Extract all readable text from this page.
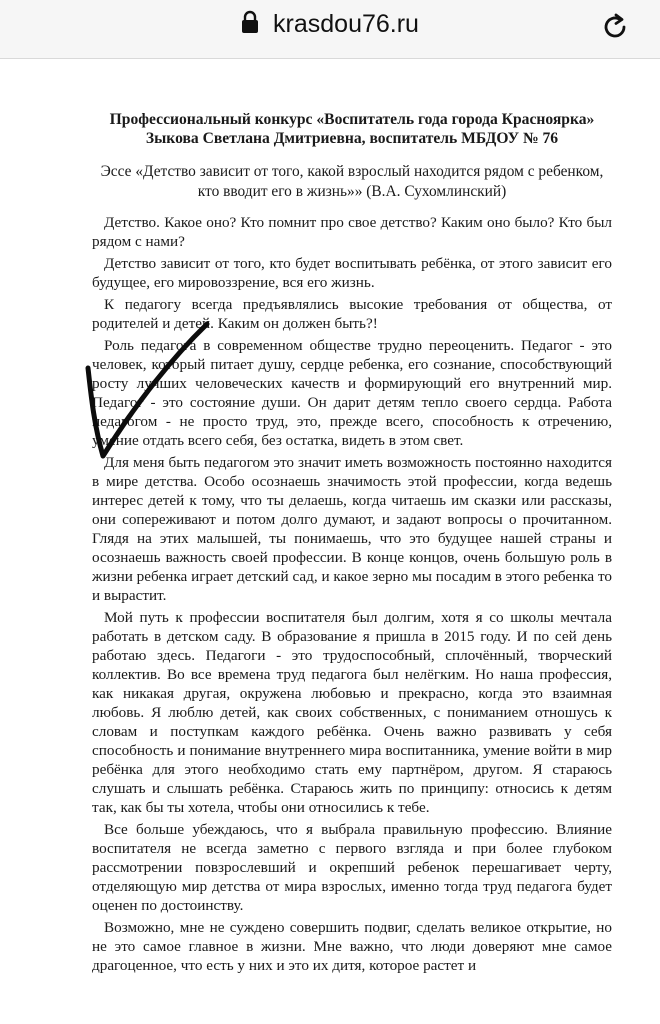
krasdou76.ru
Профессиональный конкурс «Воспитатель года города Красноярка»
Зыкова Светлана Дмитриевна, воспитатель МБДОУ № 76
Эссе «Детство зависит от того, какой взрослый находится рядом с ребенком, кто вводит его в жизнь»» (В.А. Сухомлинский)

Детство. Какое оно? Кто помнит про свое детство? Каким оно было? Кто был рядом с нами?

Детство зависит от того, кто будет воспитывать ребёнка, от этого зависит его будущее, его мировоззрение, вся его жизнь.

К педагогу всегда предъявлялись высокие требования от общества, от родителей и детей. Каким он должен быть?!

Роль педагога в современном обществе трудно переоценить. Педагог - это человек, который питает душу, сердце ребенка, его сознание, способствующий росту лучших человеческих качеств и формирующий его внутренний мир. Педагог - это состояние души. Он дарит детям тепло своего сердца. Работа педагогом - не просто труд, это, прежде всего, способность к отречению, умение отдать всего себя, без остатка, видеть в этом свет.

Для меня быть педагогом это значит иметь возможность постоянно находится в мире детства. Особо осознаешь значимость этой профессии, когда ведешь интерес детей к тому, что ты делаешь, когда читаешь им сказки или рассказы, они сопереживают и потом долго думают, и задают вопросы о прочитанном. Глядя на этих малышей, ты понимаешь, что это будущее нашей страны и осознаешь важность своей профессии. В конце концов, очень большую роль в жизни ребенка играет детский сад, и какое зерно мы посадим в этого ребенка то и вырастит.

Мой путь к профессии воспитателя был долгим, хотя я со школы мечтала работать в детском саду. В образование я пришла в 2015 году. И по сей день работаю здесь. Педагоги - это трудоспособный, сплочённый, творческий коллектив. Во все времена труд педагога был нелёгким. Но наша профессия, как никакая другая, окружена любовью и прекрасно, когда это взаимная любовь. Я люблю детей, как своих собственных, с пониманием отношусь к словам и поступкам каждого ребёнка. Очень важно развивать у себя способность и понимание внутреннего мира воспитанника, умение войти в мир ребёнка для этого необходимо стать ему партнёром, другом. Я стараюсь слушать и слышать ребёнка. Стараюсь жить по принципу: относись к детям так, как бы ты хотела, чтобы они относились к тебе.

Все больше убеждаюсь, что я выбрала правильную профессию. Влияние воспитателя не всегда заметно с первого взгляда и при более глубоком рассмотрении повзрослевший и окрепший ребенок перешагивает черту, отделяющую мир детства от мира взрослых, именно тогда труд педагога будет оценен по достоинству.

Возможно, мне не суждено совершить подвиг, сделать великое открытие, но не это самое главное в жизни. Мне важно, что люди доверяют мне самое драгоценное, что есть у них и это их дитя, которое растет и
